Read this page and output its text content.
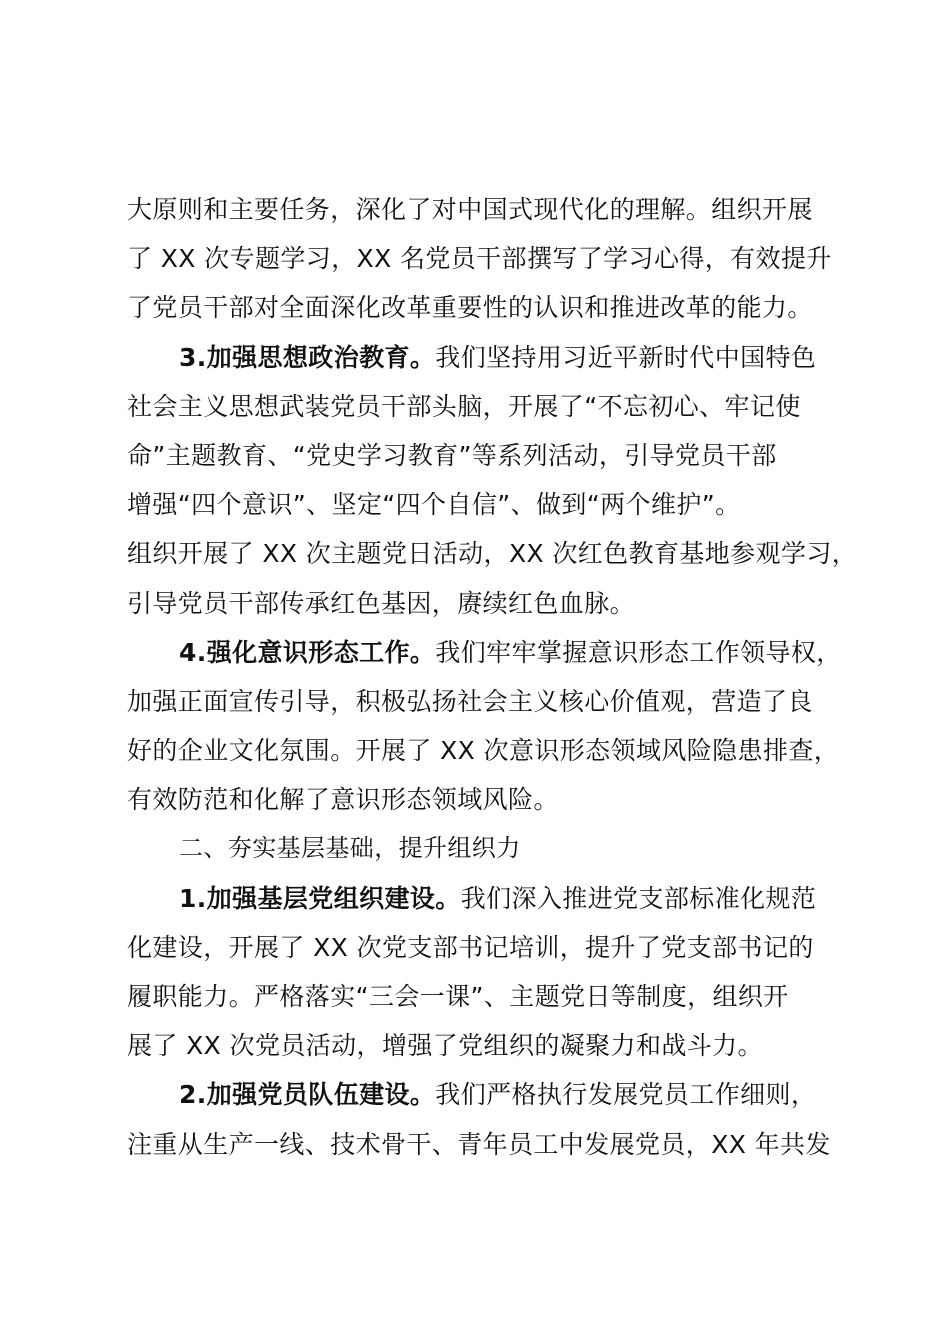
大原则和主要任务，深化了对中国式现代化的理解。组织开展
了 XX 次专题学习，XX 名党员干部撰写了学习心得，有效提升
了党员干部对全面深化改革重要性的认识和推进改革的能力。
3.加强思想政治教育。我们坚持用习近平新时代中国特色
社会主义思想武装党员干部头脑，开展了“不忘初心、牢记使
命”主题教育、“党史学习教育”等系列活动，引导党员干部
增强“四个意识”、坚定“四个自信”、做到“两个维护”。
组织开展了 XX 次主题党日活动，XX 次红色教育基地参观学习，
引导党员干部传承红色基因，赓续红色血脉。
4.强化意识形态工作。我们牢牢掌握意识形态工作领导权，
加强正面宣传引导，积极弘扬社会主义核心价值观，营造了良
好的企业文化氛围。开展了 XX 次意识形态领域风险隐患排查，
有效防范和化解了意识形态领域风险。
二、夯实基层基础，提升组织力
1.加强基层党组织建设。我们深入推进党支部标准化规范
化建设，开展了 XX 次党支部书记培训，提升了党支部书记的
履职能力。严格落实“三会一课”、主题党日等制度，组织开
展了 XX 次党员活动，增强了党组织的凝聚力和战斗力。
2.加强党员队伍建设。我们严格执行发展党员工作细则，
注重从生产一线、技术骨干、青年员工中发展党员，XX 年共发
